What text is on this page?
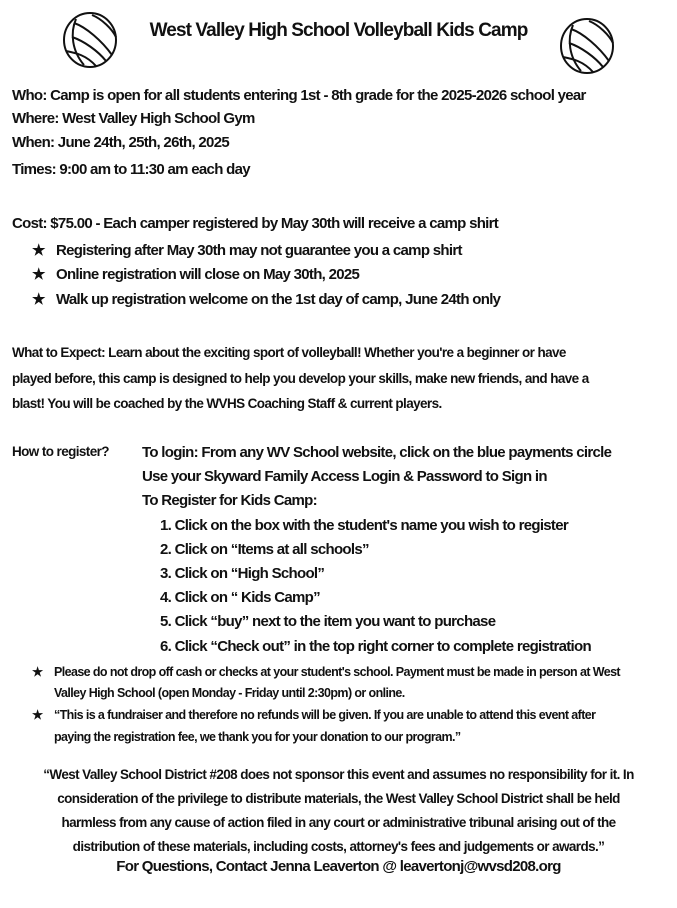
West Valley High School Volleyball Kids Camp
Who: Camp is open for all students entering 1st - 8th grade for the 2025-2026 school year
Where: West Valley High School Gym
When: June 24th, 25th, 26th, 2025
Times: 9:00 am to 11:30 am each day
Cost: $75.00 - Each camper registered by May 30th will receive a camp shirt
★ Registering after May 30th may not guarantee you a camp shirt
★ Online registration will close on May 30th, 2025
★ Walk up registration welcome on the 1st day of camp, June 24th only
What to Expect: Learn about the exciting sport of volleyball! Whether you're a beginner or have
played before, this camp is designed to help you develop your skills, make new friends, and have a
blast! You will be coached by the WVHS Coaching Staff & current players.
How to register? To login: From any WV School website, click on the blue payments circle
Use your Skyward Family Access Login & Password to Sign in
To Register for Kids Camp:
1. Click on the box with the student's name you wish to register
2. Click on “Items at all schools”
3. Click on “High School”
4. Click on “ Kids Camp”
5. Click “buy” next to the item you want to purchase
6. Click “Check out” in the top right corner to complete registration
★ Please do not drop off cash or checks at your student's school. Payment must be made in person at West
Valley High School (open Monday - Friday until 2:30pm) or online.
★ “This is a fundraiser and therefore no refunds will be given. If you are unable to attend this event after
paying the registration fee, we thank you for your donation to our program.”
“West Valley School District #208 does not sponsor this event and assumes no responsibility for it. In
consideration of the privilege to distribute materials, the West Valley School District shall be held
harmless from any cause of action filed in any court or administrative tribunal arising out of the
distribution of these materials, including costs, attorney's fees and judgements or awards.”
For Questions, Contact Jenna Leaverton @ leavertonj@wvsd208.org
